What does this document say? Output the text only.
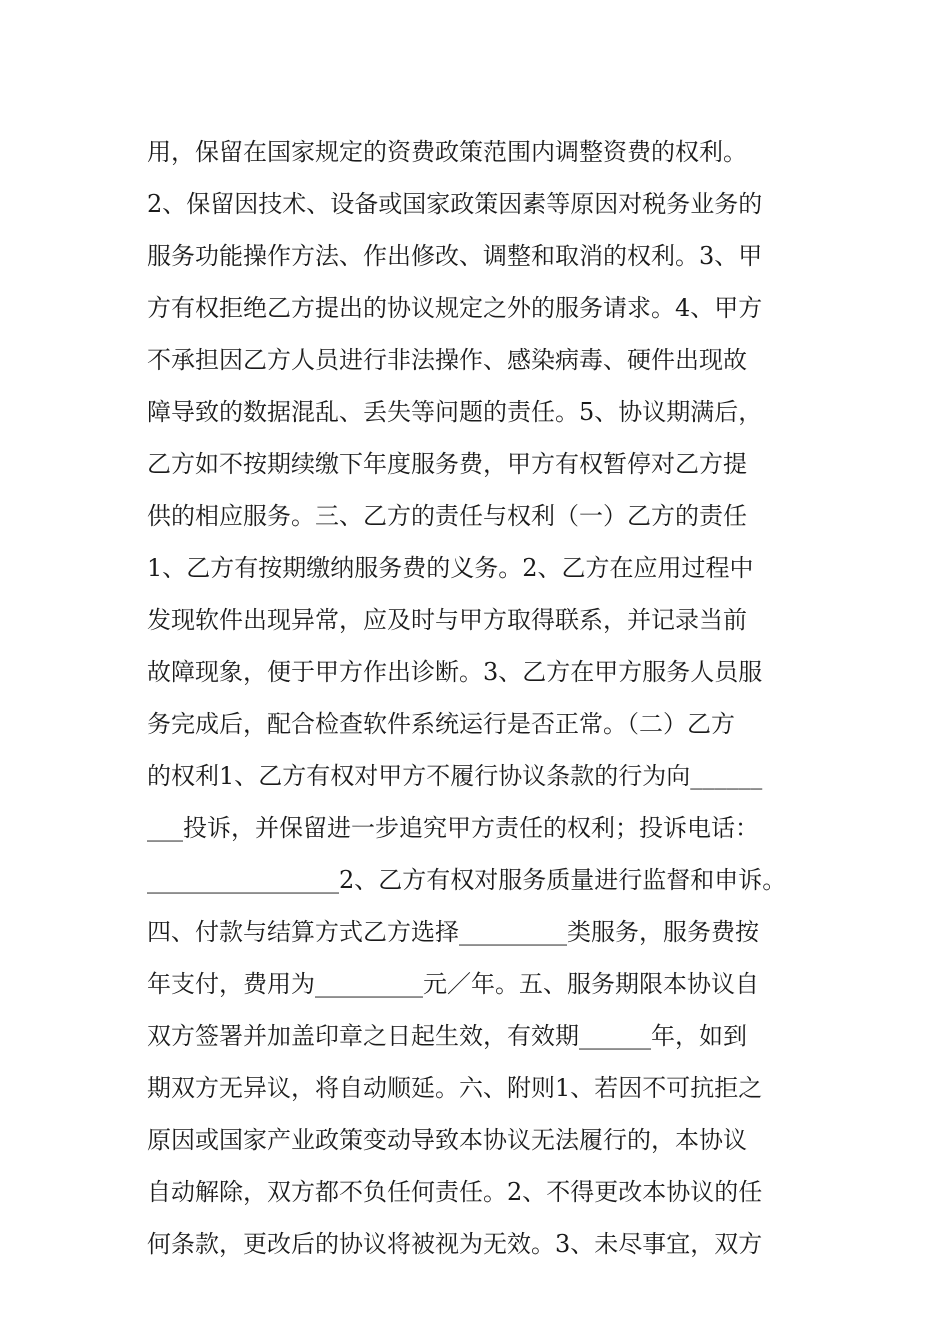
用，保留在国家规定的资费政策范围内调整资费的权利。
2、保留因技术、设备或国家政策因素等原因对税务业务的
服务功能操作方法、作出修改、调整和取消的权利。3、甲
方有权拒绝乙方提出的协议规定之外的服务请求。4、甲方
不承担因乙方人员进行非法操作、感染病毒、硬件出现故
障导致的数据混乱、丢失等问题的责任。5、协议期满后，
乙方如不按期续缴下年度服务费，甲方有权暂停对乙方提
供的相应服务。三、乙方的责任与权利（一）乙方的责任
1、乙方有按期缴纳服务费的义务。2、乙方在应用过程中
发现软件出现异常，应及时与甲方取得联系，并记录当前
故障现象，便于甲方作出诊断。3、乙方在甲方服务人员服
务完成后，配合检查软件系统运行是否正常。（二）乙方
的权利1、乙方有权对甲方不履行协议条款的行为向______
___投诉，并保留进一步追究甲方责任的权利；投诉电话：
________________2、乙方有权对服务质量进行监督和申诉。
四、付款与结算方式乙方选择_________类服务，服务费按
年支付，费用为_________元／年。五、服务期限本协议自
双方签署并加盖印章之日起生效，有效期______年，如到
期双方无异议，将自动顺延。六、附则1、若因不可抗拒之
原因或国家产业政策变动导致本协议无法履行的，本协议
自动解除，双方都不负任何责任。2、不得更改本协议的任
何条款，更改后的协议将被视为无效。3、未尽事宜，双方
